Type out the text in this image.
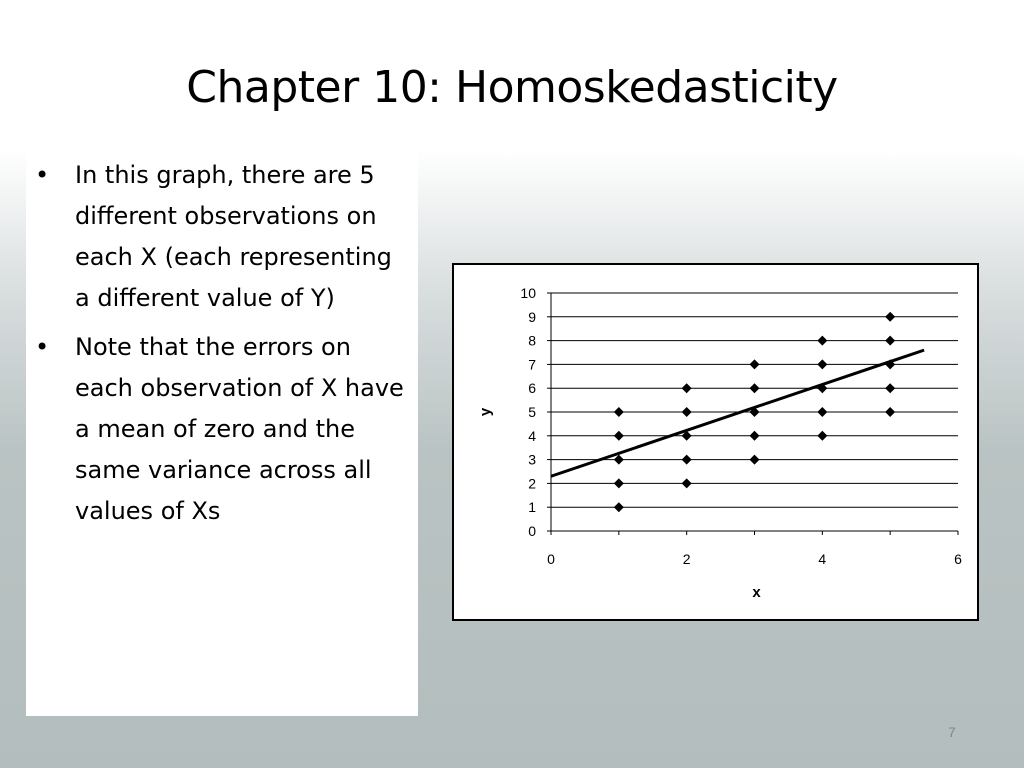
Chapter 10: Homoskedasticity
• In this graph, there are 5 different observations on each X (each representing a different value of Y)
• Note that the errors on each observation of X have a mean of zero and the same variance across all values of Xs
0
1
2
3
4
5
6
7
8
9
10
0	2	4	6
x
y
7
